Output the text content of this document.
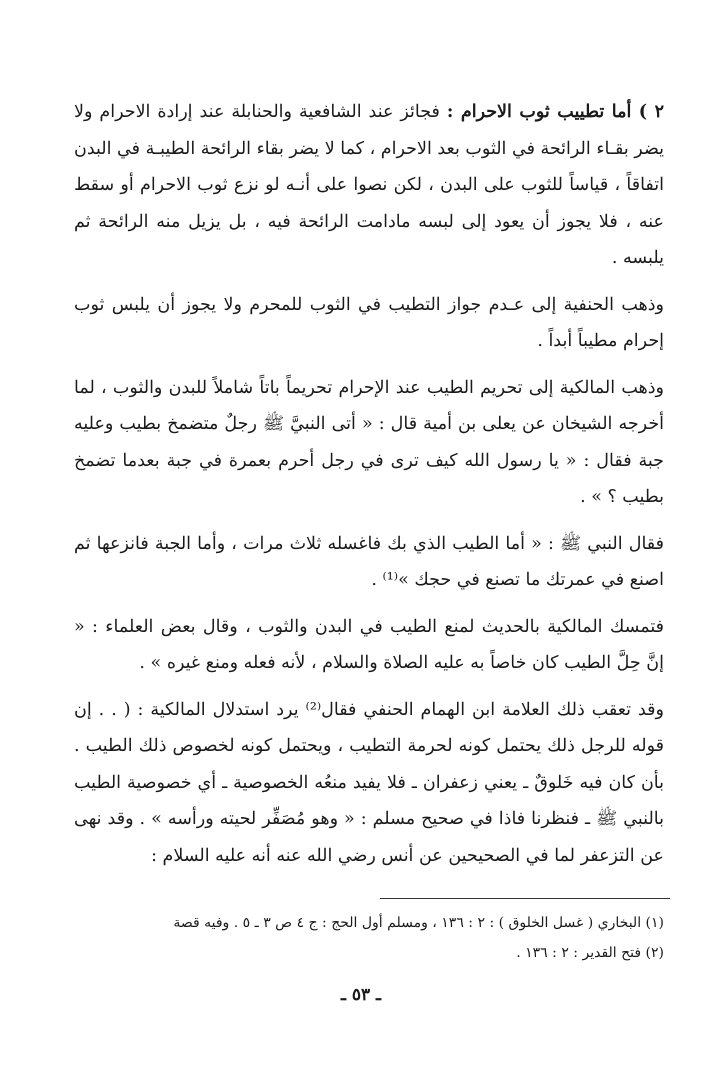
٢ ) أما تطييب ثوب الاحرام : فجائز عند الشافعية والحنابلة عند إرادة الاحرام ولا يضر بقـاء الرائحة في الثوب بعد الاحرام ، كما لا يضر بقاء الرائحة الطيبـة في البدن اتفاقاً ، قياساً للثوب على البدن ، لكن نصوا على أنـه لو نزع ثوب الاحرام أو سقط عنه ، فلا يجوز أن يعود إلى لبسه مادامت الرائحة فيه ، بل يزيل منه الرائحة ثم يلبسه .

وذهب الحنفية إلى عـدم جواز التطيب في الثوب للمحرم ولا يجوز أن يلبس ثوب إحرام مطيباً أبداً .

وذهب المالكية إلى تحريم الطيب عند الإحرام تحريماً باتاً شاملاً للبدن والثوب ، لما أخرجه الشيخان عن يعلى بن أمية قال : « أتى النبيَّ ﷺ رجلٌ متضمخ بطيب وعليه جبة فقال : « يا رسول الله كيف ترى في رجل أحرم بعمرة في جبة بعدما تضمخ بطيب ؟ » .

فقال النبي ﷺ : « أما الطيب الذي بك فاغسله ثلاث مرات ، وأما الجبة فانزعها ثم اصنع في عمرتك ما تصنع في حجك »⁽¹⁾ .

فتمسك المالكية بالحديث لمنع الطيب في البدن والثوب ، وقال بعض العلماء : « إنَّ حِلَّ الطيب كان خاصاً به عليه الصلاة والسلام ، لأنه فعله ومنع غيره » .

وقد تعقب ذلك العلامة ابن الهمام الحنفي فقال⁽²⁾ يرد استدلال المالكية : ( . . إن قوله للرجل ذلك يحتمل كونه لحرمة التطيب ، ويحتمل كونه لخصوص ذلك الطيب . بأن كان فيه خَلوقٌ ـ يعني زعفران ـ فلا يفيد منعُه الخصوصية ـ أي خصوصية الطيب بالنبي ﷺ ـ فنظرنا فاذا في صحيح مسلم : « وهو مُصَفِّر لحيته ورأسه » . وقد نهى عن التزعفر لما في الصحيحين عن أنس رضي الله عنه أنه عليه السلام :

(١) البخاري ( غسل الخلوق ) : ٢ : ١٣٦ ، ومسلم أول الحج : ج ٤ ص ٣ ـ ٥ . وفيه قصة

(٢) فتح القدير : ٢ : ١٣٦ .

ـ ٥٣ ـ
